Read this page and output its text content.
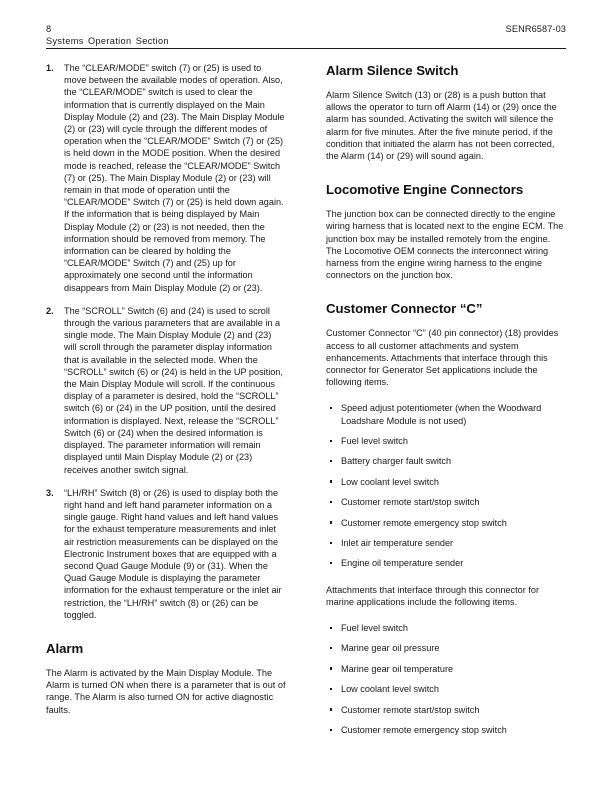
8	SENR6587-03
Systems Operation Section
1. The “CLEAR/MODE” switch (7) or (25) is used to move between the available modes of operation. Also, the “CLEAR/MODE” switch is used to clear the information that is currently displayed on the Main Display Module (2) and (23). The Main Display Module (2) or (23) will cycle through the different modes of operation when the “CLEAR/MODE” Switch (7) or (25) is held down in the MODE position. When the desired mode is reached, release the “CLEAR/MODE” Switch (7) or (25). The Main Display Module (2) or (23) will remain in that mode of operation until the “CLEAR/MODE” Switch (7) or (25) is held down again. If the information that is being displayed by Main Display Module (2) or (23) is not needed, then the information should be removed from memory. The information can be cleared by holding the “CLEAR/MODE” Switch (7) and (25) up for approximately one second until the information disappears from Main Display Module (2) or (23).
2. The “SCROLL” Switch (6) and (24) is used to scroll through the various parameters that are available in a single mode. The Main Display Module (2) and (23) will scroll through the parameter display information that is available in the selected mode. When the “SCROLL” switch (6) or (24) is held in the UP position, the Main Display Module will scroll. If the continuous display of a parameter is desired, hold the “SCROLL” switch (6) or (24) in the UP position, until the desired information is displayed. Next, release the “SCROLL” Switch (6) or (24) when the desired information is displayed. The parameter information will remain displayed until Main Display Module (2) or (23) receives another switch signal.
3. “LH/RH” Switch (8) or (26) is used to display both the right hand and left hand parameter information on a single gauge. Right hand values and left hand values for the exhaust temperature measurements and inlet air restriction measurements can be displayed on the Electronic Instrument boxes that are equipped with a second Quad Gauge Module (9) or (31). When the Quad Gauge Module is displaying the parameter information for the exhaust temperature or the inlet air restriction, the “LH/RH” switch (8) or (26) can be toggled.
Alarm

The Alarm is activated by the Main Display Module. The Alarm is turned ON when there is a parameter that is out of range. The Alarm is also turned ON for active diagnostic faults.

Alarm Silence Switch

Alarm Silence Switch (13) or (28) is a push button that allows the operator to turn off Alarm (14) or (29) once the alarm has sounded. Activating the switch will silence the alarm for five minutes. After the five minute period, if the condition that initiated the alarm has not been corrected, the Alarm (14) or (29) will sound again.

Locomotive Engine Connectors

The junction box can be connected directly to the engine wiring harness that is located next to the engine ECM. The junction box may be installed remotely from the engine. The Locomotive OEM connects the interconnect wiring harness from the engine wiring harness to the engine connectors on the junction box.

Customer Connector “C”

Customer Connector “C” (40 pin connector) (18) provides access to all customer attachments and system enhancements. Attachments that interface through this connector for Generator Set applications include the following items.

Speed adjust potentiometer (when the Woodward Loadshare Module is not used)
Fuel level switch
Battery charger fault switch
Low coolant level switch
Customer remote start/stop switch
Customer remote emergency stop switch
Inlet air temperature sender
Engine oil temperature sender

Attachments that interface through this connector for marine applications include the following items.

Fuel level switch
Marine gear oil pressure
Marine gear oil temperature
Low coolant level switch
Customer remote start/stop switch
Customer remote emergency stop switch
